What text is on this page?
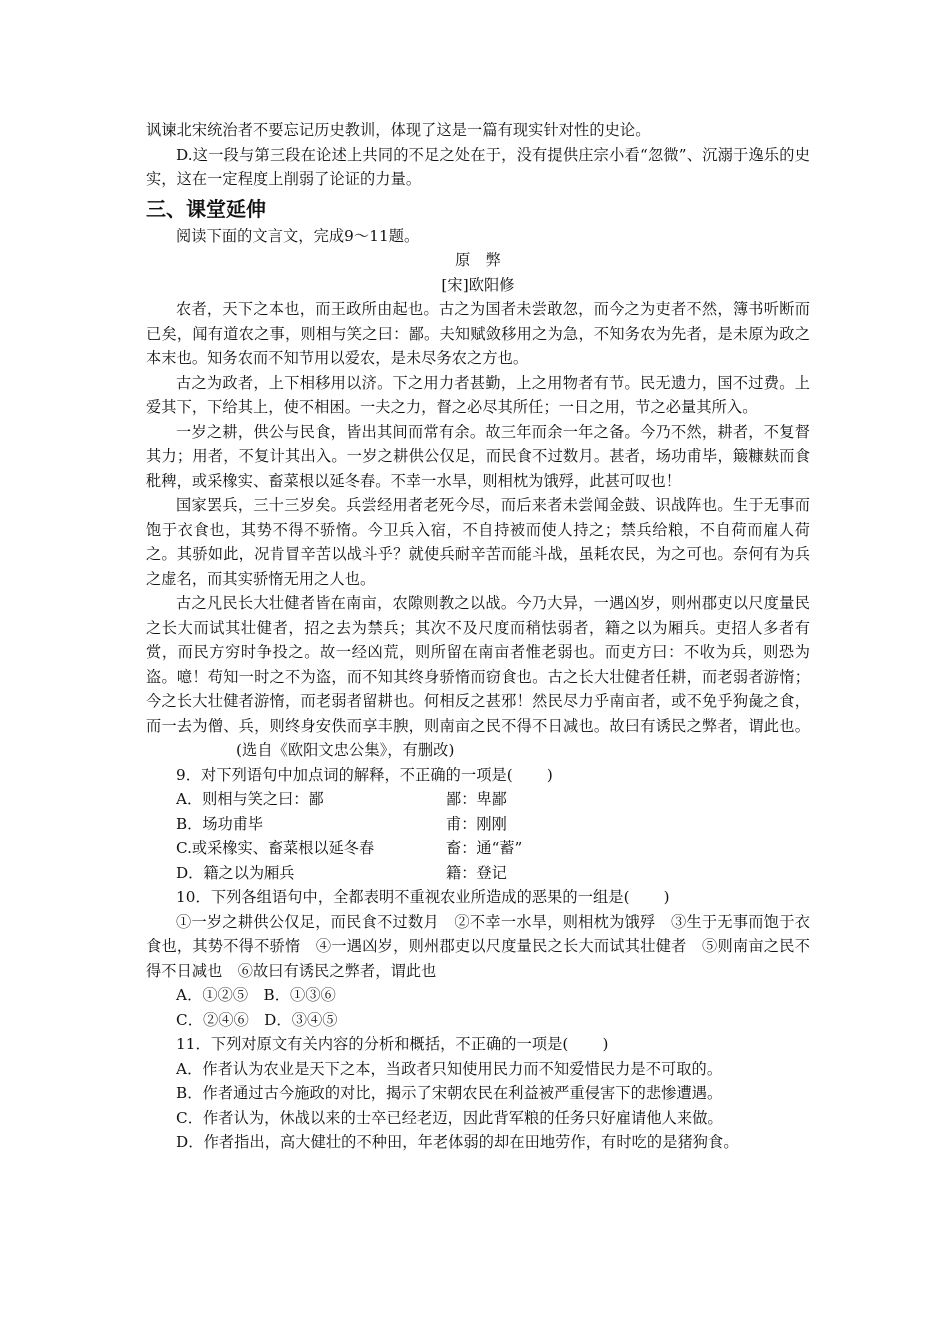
讽谏北宋统治者不要忘记历史教训，体现了这是一篇有现实针对性的史论。

D.这一段与第三段在论述上共同的不足之处在于，没有提供庄宗小看“忽微”、沉溺于逸乐的史实，这在一定程度上削弱了论证的力量。

三、课堂延伸

阅读下面的文言文，完成9～11题。

原　弊

[宋]欧阳修

农者，天下之本也，而王政所由起也。古之为国者未尝敢忽，而今之为吏者不然，簿书听断而已矣，闻有道农之事，则相与笑之曰：鄙。夫知赋敛移用之为急，不知务农为先者，是未原为政之本末也。知务农而不知节用以爱农，是未尽务农之方也。

古之为政者，上下相移用以济。下之用力者甚勤，上之用物者有节。民无遗力，国不过费。上爱其下，下给其上，使不相困。一夫之力，督之必尽其所任；一日之用，节之必量其所入。

一岁之耕，供公与民食，皆出其间而常有余。故三年而余一年之备。今乃不然，耕者，不复督其力；用者，不复计其出入。一岁之耕供公仅足，而民食不过数月。甚者，场功甫毕，簸糠麸而食秕稗，或采橡实、畜菜根以延冬春。不幸一水旱，则相枕为饿殍，此甚可叹也！

国家罢兵，三十三岁矣。兵尝经用者老死今尽，而后来者未尝闻金鼓、识战阵也。生于无事而饱于衣食也，其势不得不骄惰。今卫兵入宿，不自持被而使人持之；禁兵给粮，不自荷而雇人荷之。其骄如此，况肯冒辛苦以战斗乎？就使兵耐辛苦而能斗战，虽耗农民，为之可也。奈何有为兵之虚名，而其实骄惰无用之人也。

古之凡民长大壮健者皆在南亩，农隙则教之以战。今乃大异，一遇凶岁，则州郡吏以尺度量民之长大而试其壮健者，招之去为禁兵；其次不及尺度而稍怯弱者，籍之以为厢兵。吏招人多者有赏，而民方穷时争投之。故一经凶荒，则所留在南亩者惟老弱也。而吏方曰：不收为兵，则恐为盗。噫！苟知一时之不为盗，而不知其终身骄惰而窃食也。古之长大壮健者任耕，而老弱者游惰；今之长大壮健者游惰，而老弱者留耕也。何相反之甚邪！然民尽力乎南亩者，或不免乎狗彘之食，而一去为僧、兵，则终身安佚而享丰腴，则南亩之民不得不日减也。故曰有诱民之弊者，谓此也。(选自《欧阳文忠公集》，有删改)

9．对下列语句中加点词的解释，不正确的一项是( )

A．则相与笑之曰：鄙	鄙：卑鄙
B．场功甫毕	甫：刚刚
C.或采橡实、畜菜根以延冬春	畜：通“蓄”
D．籍之以为厢兵	籍：登记

10．下列各组语句中，全都表明不重视农业所造成的恶果的一组是( )

①一岁之耕供公仅足，而民食不过数月　②不幸一水旱，则相枕为饿殍　③生于无事而饱于衣食也，其势不得不骄惰　④一遇凶岁，则州郡吏以尺度量民之长大而试其壮健者　⑤则南亩之民不得不日减也　⑥故曰有诱民之弊者，谓此也

A．①②⑤　B．①③⑥

C．②④⑥　D．③④⑤

11．下列对原文有关内容的分析和概括，不正确的一项是( )

A．作者认为农业是天下之本，当政者只知使用民力而不知爱惜民力是不可取的。

B．作者通过古今施政的对比，揭示了宋朝农民在利益被严重侵害下的悲惨遭遇。

C．作者认为，休战以来的士卒已经老迈，因此背军粮的任务只好雇请他人来做。

D．作者指出，高大健壮的不种田，年老体弱的却在田地劳作，有时吃的是猪狗食。
